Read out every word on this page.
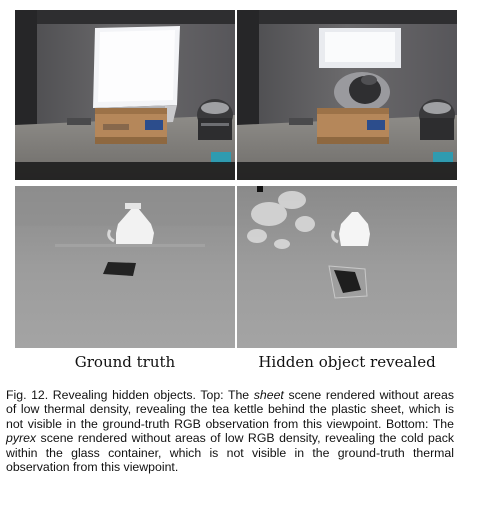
Ground truth	Hidden object revealed
Fig. 12. Revealing hidden objects. Top: The sheet scene rendered without areas of low thermal density, revealing the tea kettle behind the plastic sheet, which is not visible in the ground-truth RGB observation from this viewpoint. Bottom: The pyrex scene rendered without areas of low RGB density, revealing the cold pack within the glass container, which is not visible in the ground-truth thermal observation from this viewpoint.
